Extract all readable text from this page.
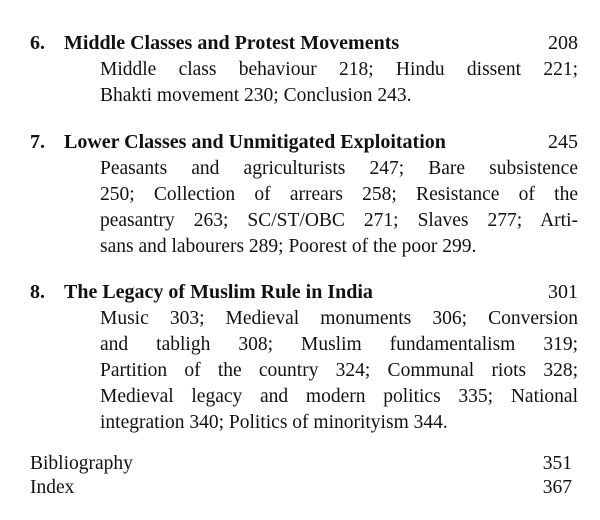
6. Middle Classes and Protest Movements	208
Middle class behaviour 218; Hindu dissent 221;
Bhakti movement 230; Conclusion 243.
7. Lower Classes and Unmitigated Exploitation	245
Peasants and agriculturists 247; Bare subsistence
250; Collection of arrears 258; Resistance of the
peasantry 263; SC/ST/OBC 271; Slaves 277; Arti-
sans and labourers 289; Poorest of the poor 299.
8. The Legacy of Muslim Rule in India	301
Music 303; Medieval monuments 306; Conversion
and tabligh 308; Muslim fundamentalism 319;
Partition of the country 324; Communal riots 328;
Medieval legacy and modern politics 335; National
integration 340; Politics of minorityism 344.
Bibliography	351
Index	367
